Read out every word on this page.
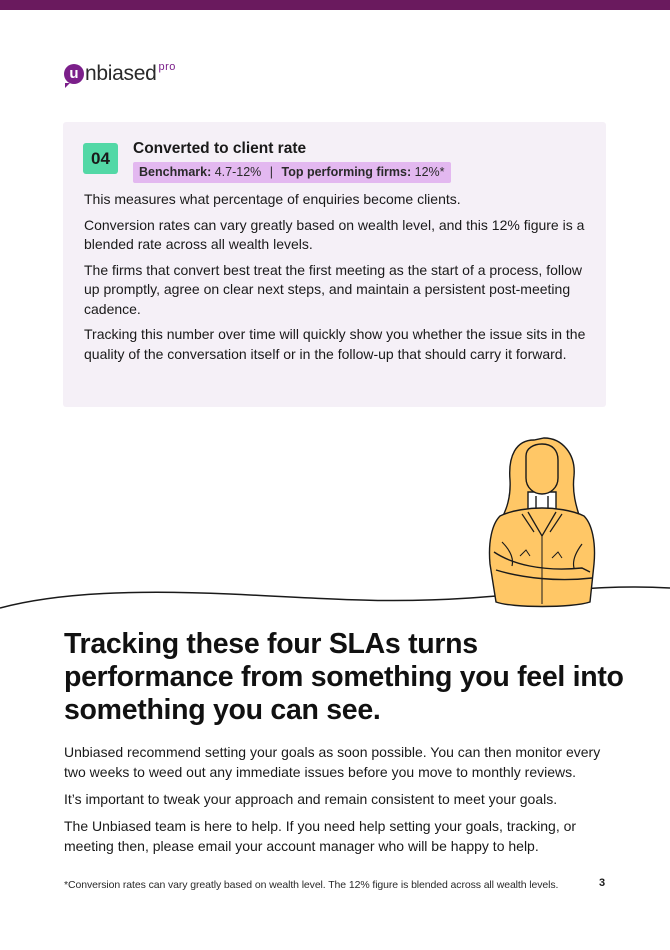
u nbiased pro
04
Converted to client rate
Benchmark: 4.7-12% | Top performing firms: 12%*

This measures what percentage of enquiries become clients.

Conversion rates can vary greatly based on wealth level, and this 12% figure is a blended rate across all wealth levels.

The firms that convert best treat the first meeting as the start of a process, follow up promptly, agree on clear next steps, and maintain a persistent post-meeting cadence.

Tracking this number over time will quickly show you whether the issue sits in the quality of the conversation itself or in the follow-up that should carry it forward.

Tracking these four SLAs turns performance from something you feel into something you can see.

Unbiased recommend setting your goals as soon possible. You can then monitor every two weeks to weed out any immediate issues before you move to monthly reviews.

It’s important to tweak your approach and remain consistent to meet your goals.

The Unbiased team is here to help. If you need help setting your goals, tracking, or meeting then, please email your account manager who will be happy to help.

*Conversion rates can vary greatly based on wealth level. The 12% figure is blended across all wealth levels.	3
